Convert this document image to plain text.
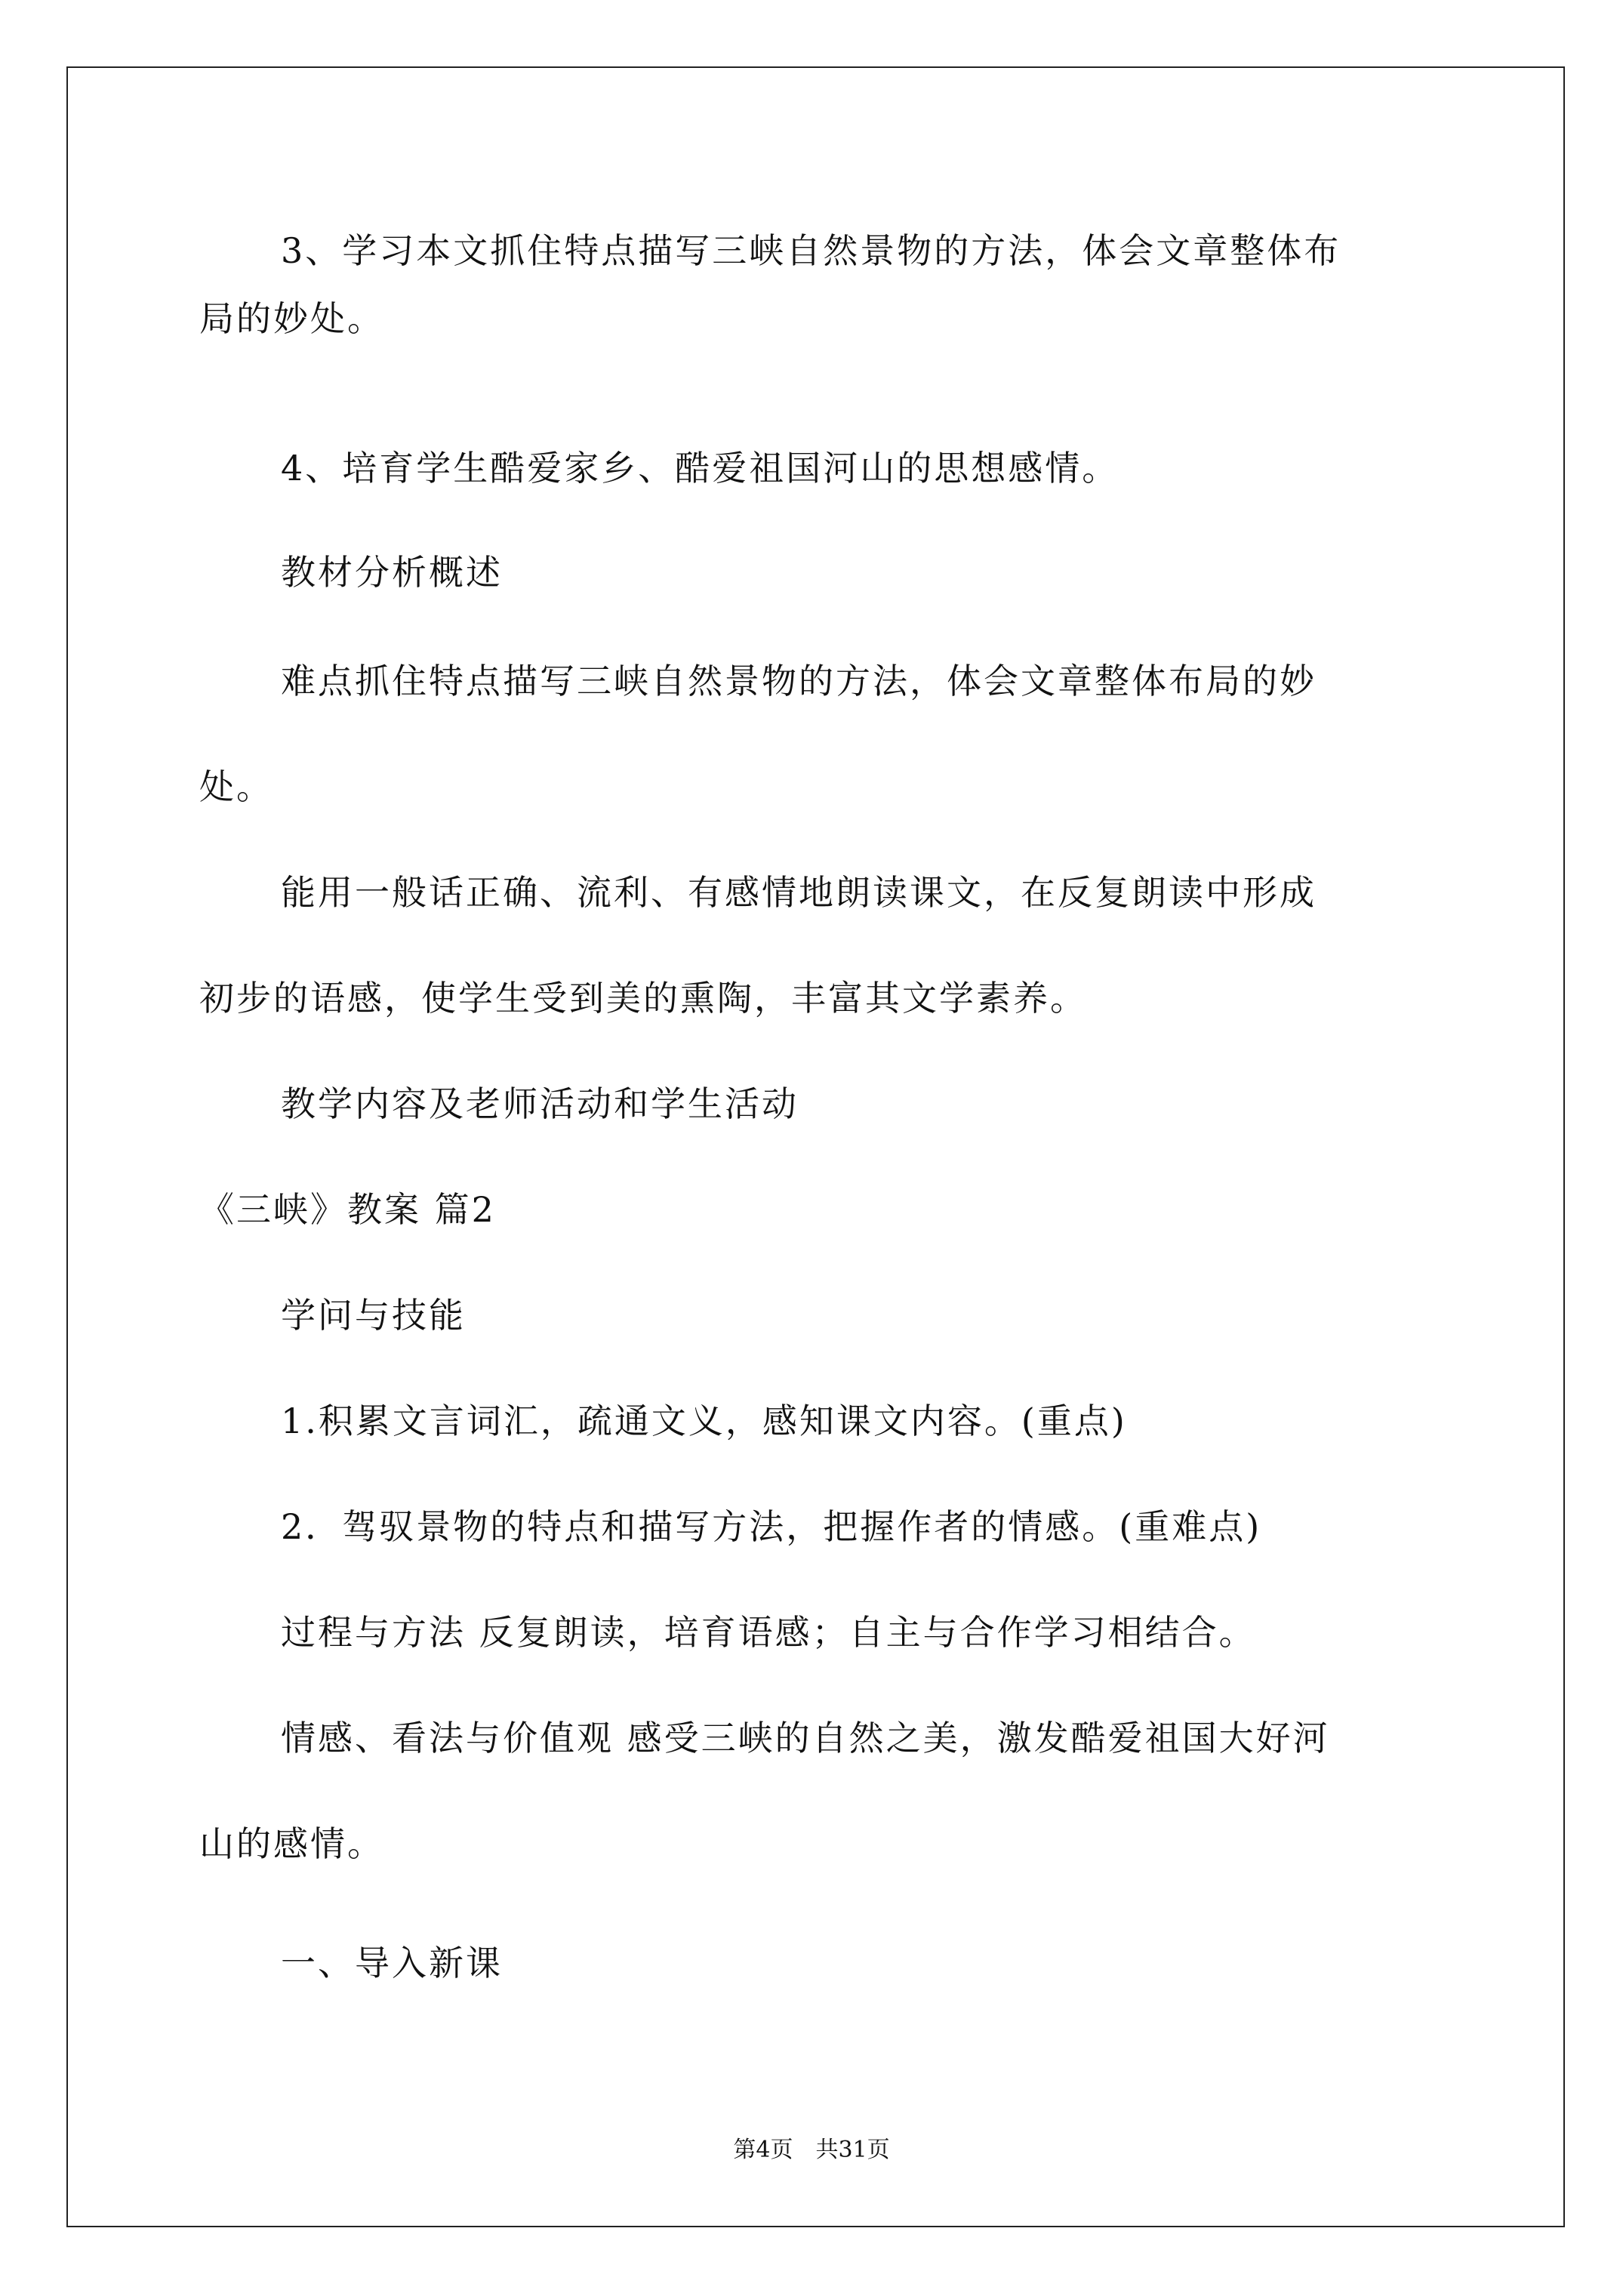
3、学习本文抓住特点描写三峡自然景物的方法，体会文章整体布
局的妙处。
4、培育学生酷爱家乡、酷爱祖国河山的思想感情。
教材分析概述
难点抓住特点描写三峡自然景物的方法，体会文章整体布局的妙
处。
能用一般话正确、流利、有感情地朗读课文，在反复朗读中形成
初步的语感，使学生受到美的熏陶，丰富其文学素养。
教学内容及老师活动和学生活动
《三峡》教案 篇2
学问与技能
1.积累文言词汇，疏通文义，感知课文内容。(重点)
2．驾驭景物的特点和描写方法，把握作者的情感。(重难点)
过程与方法 反复朗读，培育语感；自主与合作学习相结合。
情感、看法与价值观 感受三峡的自然之美，激发酷爱祖国大好河
山的感情。
一、导入新课
第4页　共31页
